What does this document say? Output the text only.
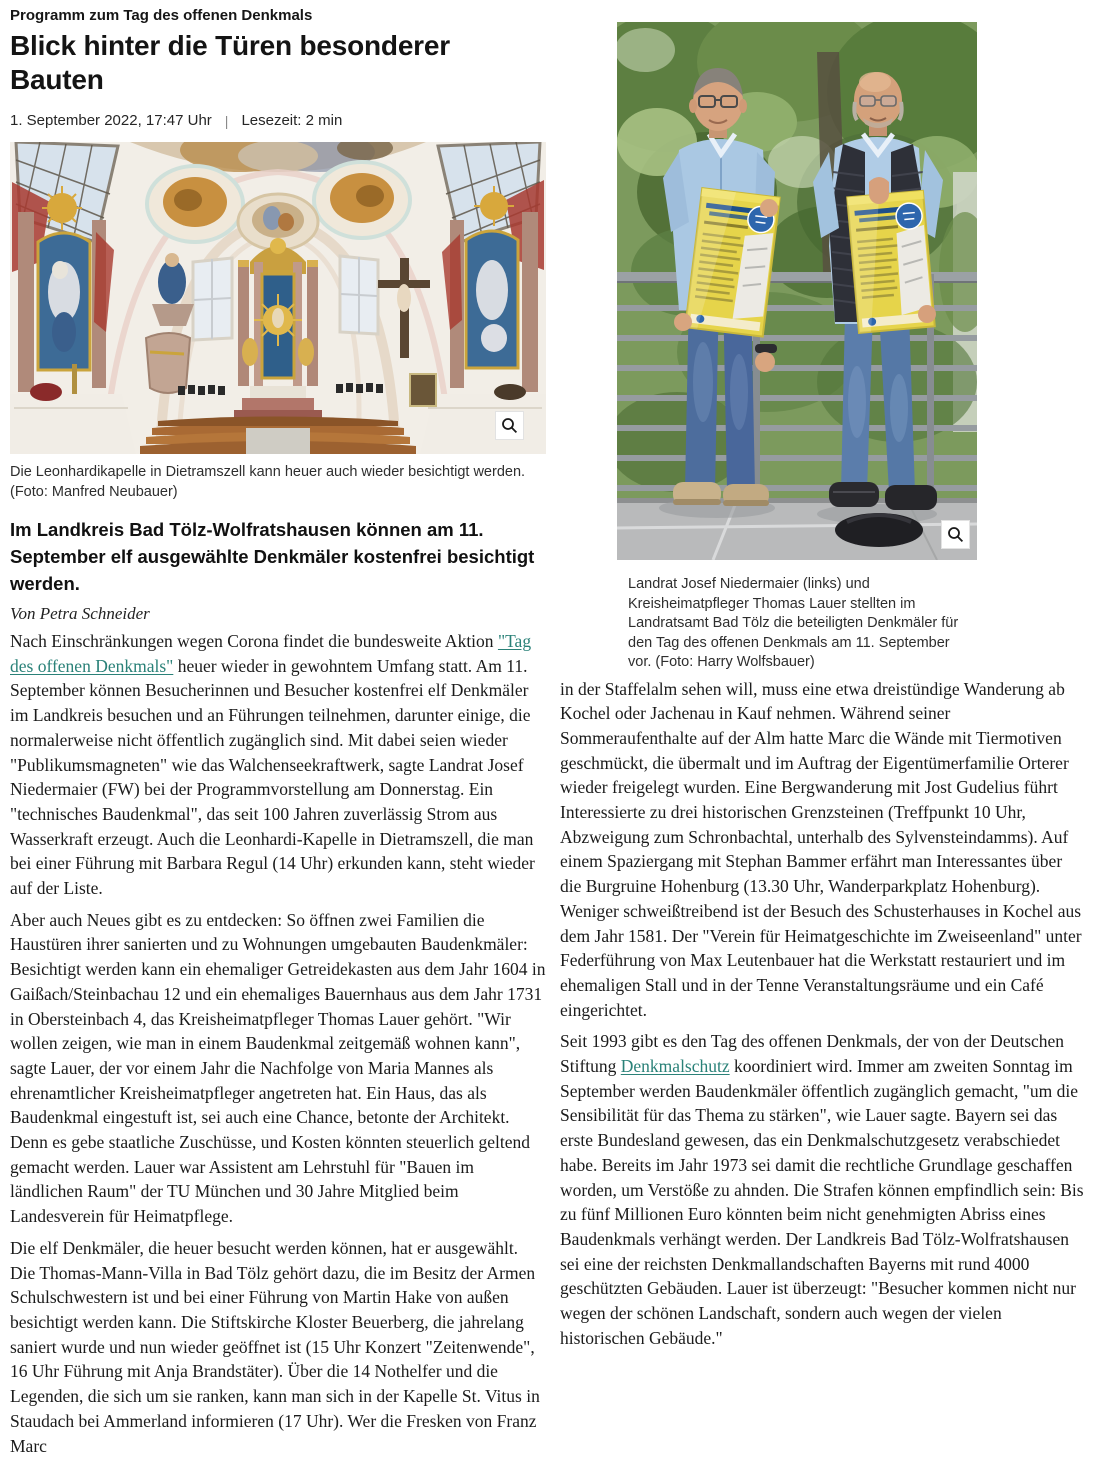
Programm zum Tag des offenen Denkmals
Blick hinter die Türen besonderer Bauten
1. September 2022, 17:47 Uhr | Lesezeit: 2 min
Die Leonhardikapelle in Dietramszell kann heuer auch wieder besichtigt werden. (Foto: Manfred Neubauer)

Im Landkreis Bad Tölz-Wolfratshausen können am 11. September elf ausgewählte Denkmäler kostenfrei besichtigt werden.

Von Petra Schneider

Nach Einschränkungen wegen Corona findet die bundesweite Aktion "Tag des offenen Denkmals" heuer wieder in gewohntem Umfang statt. Am 11. September können Besucherinnen und Besucher kostenfrei elf Denkmäler im Landkreis besuchen und an Führungen teilnehmen, darunter einige, die normalerweise nicht öffentlich zugänglich sind. Mit dabei seien wieder "Publikumsmagneten" wie das Walchenseekraftwerk, sagte Landrat Josef Niedermaier (FW) bei der Programmvorstellung am Donnerstag. Ein "technisches Baudenkmal", das seit 100 Jahren zuverlässig Strom aus Wasserkraft erzeugt. Auch die Leonhardi-Kapelle in Dietramszell, die man bei einer Führung mit Barbara Regul (14 Uhr) erkunden kann, steht wieder auf der Liste.

Aber auch Neues gibt es zu entdecken: So öffnen zwei Familien die Haustüren ihrer sanierten und zu Wohnungen umgebauten Baudenkmäler: Besichtigt werden kann ein ehemaliger Getreidekasten aus dem Jahr 1604 in Gaißach/Steinbachau 12 und ein ehemaliges Bauernhaus aus dem Jahr 1731 in Obersteinbach 4, das Kreisheimatpfleger Thomas Lauer gehört. "Wir wollen zeigen, wie man in einem Baudenkmal zeitgemäß wohnen kann", sagte Lauer, der vor einem Jahr die Nachfolge von Maria Mannes als ehrenamtlicher Kreisheimatpfleger angetreten hat. Ein Haus, das als Baudenkmal eingestuft ist, sei auch eine Chance, betonte der Architekt. Denn es gebe staatliche Zuschüsse, und Kosten könnten steuerlich geltend gemacht werden. Lauer war Assistent am Lehrstuhl für "Bauen im ländlichen Raum" der TU München und 30 Jahre Mitglied beim Landesverein für Heimatpflege.

Die elf Denkmäler, die heuer besucht werden können, hat er ausgewählt. Die Thomas-Mann-Villa in Bad Tölz gehört dazu, die im Besitz der Armen Schulschwestern ist und bei einer Führung von Martin Hake von außen besichtigt werden kann. Die Stiftskirche Kloster Beuerberg, die jahrelang saniert wurde und nun wieder geöffnet ist (15 Uhr Konzert "Zeitenwende", 16 Uhr Führung mit Anja Brandstäter). Über die 14 Nothelfer und die Legenden, die sich um sie ranken, kann man sich in der Kapelle St. Vitus in Staudach bei Ammerland informieren (17 Uhr). Wer die Fresken von Franz Marc

Landrat Josef Niedermaier (links) und Kreisheimatpfleger Thomas Lauer stellten im Landratsamt Bad Tölz die beteiligten Denkmäler für den Tag des offenen Denkmals am 11. September vor. (Foto: Harry Wolfsbauer)

in der Staffelalm sehen will, muss eine etwa dreistündige Wanderung ab Kochel oder Jachenau in Kauf nehmen. Während seiner Sommeraufenthalte auf der Alm hatte Marc die Wände mit Tiermotiven geschmückt, die übermalt und im Auftrag der Eigentümerfamilie Orterer wieder freigelegt wurden. Eine Bergwanderung mit Jost Gudelius führt Interessierte zu drei historischen Grenzsteinen (Treffpunkt 10 Uhr, Abzweigung zum Schronbachtal, unterhalb des Sylvensteindamms). Auf einem Spaziergang mit Stephan Bammer erfährt man Interessantes über die Burgruine Hohenburg (13.30 Uhr, Wanderparkplatz Hohenburg). Weniger schweißtreibend ist der Besuch des Schusterhauses in Kochel aus dem Jahr 1581. Der "Verein für Heimatgeschichte im Zweiseenland" unter Federführung von Max Leutenbauer hat die Werkstatt restauriert und im ehemaligen Stall und in der Tenne Veranstaltungsräume und ein Café eingerichtet.

Seit 1993 gibt es den Tag des offenen Denkmals, der von der Deutschen Stiftung Denkmalschutz koordiniert wird. Immer am zweiten Sonntag im September werden Baudenkmäler öffentlich zugänglich gemacht, "um die Sensibilität für das Thema zu stärken", wie Lauer sagte. Bayern sei das erste Bundesland gewesen, das ein Denkmalschutzgesetz verabschiedet habe. Bereits im Jahr 1973 sei damit die rechtliche Grundlage geschaffen worden, um Verstöße zu ahnden. Die Strafen können empfindlich sein: Bis zu fünf Millionen Euro könnten beim nicht genehmigten Abriss eines Baudenkmals verhängt werden. Der Landkreis Bad Tölz-Wolfratshausen sei eine der reichsten Denkmallandschaften Bayerns mit rund 4000 geschützten Gebäuden. Lauer ist überzeugt: "Besucher kommen nicht nur wegen der schönen Landschaft, sondern auch wegen der vielen historischen Gebäude."
